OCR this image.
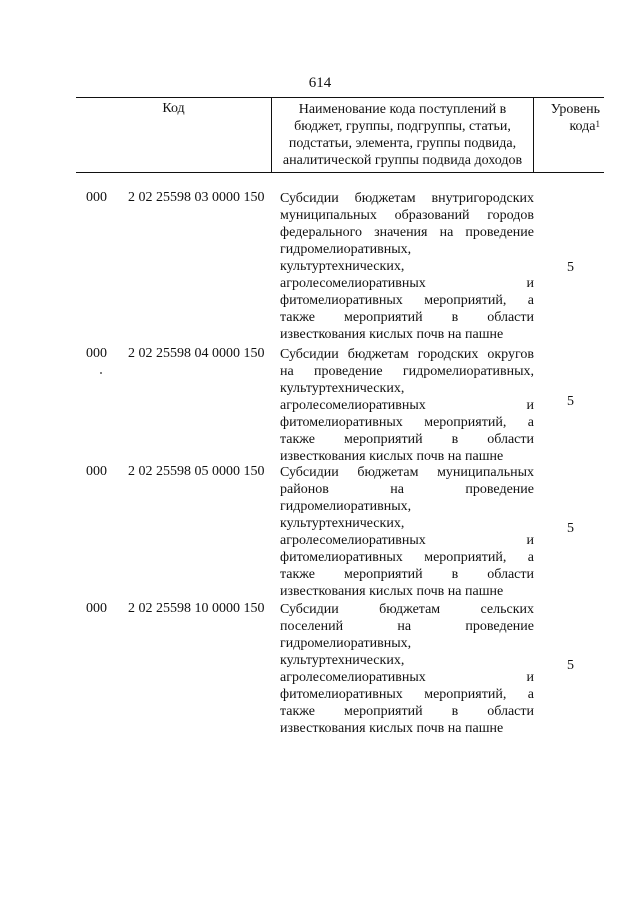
614
Код	Наименование кода поступлений в
бюджет, группы, подгруппы, статьи,
подстатьи, элемента, группы подвида,
аналитической группы подвида доходов
Уровень
кода$^1$
000 2 02 25598 03 0000 150 Субсидии бюджетам внутригородских
муниципальных образований городов
федерального значения на проведение
гидромелиоративных,
культуртехнических,
агролесомелиоративных и
фитомелиоративных мероприятий, а
также мероприятий в области
известкования кислых почв на пашне
5
000 2 02 25598 04 0000 150 Субсидии бюджетам городских округов
на проведение гидромелиоративных,
культуртехнических,
агролесомелиоративных и
фитомелиоративных мероприятий, а
также мероприятий в области
известкования кислых почв на пашне
5
000 2 02 25598 05 0000 150 Субсидии бюджетам муниципальных
районов на проведение
гидромелиоративных,
культуртехнических,
агролесомелиоративных и
фитомелиоративных мероприятий, а
также мероприятий в области
известкования кислых почв на пашне
5
000 2 02 25598 10 0000 150 Субсидии бюджетам сельских
поселений на проведение
гидромелиоративных,
культуртехнических,
агролесомелиоративных и
фитомелиоративных мероприятий, а
также мероприятий в области
известкования кислых почв на пашне
5
